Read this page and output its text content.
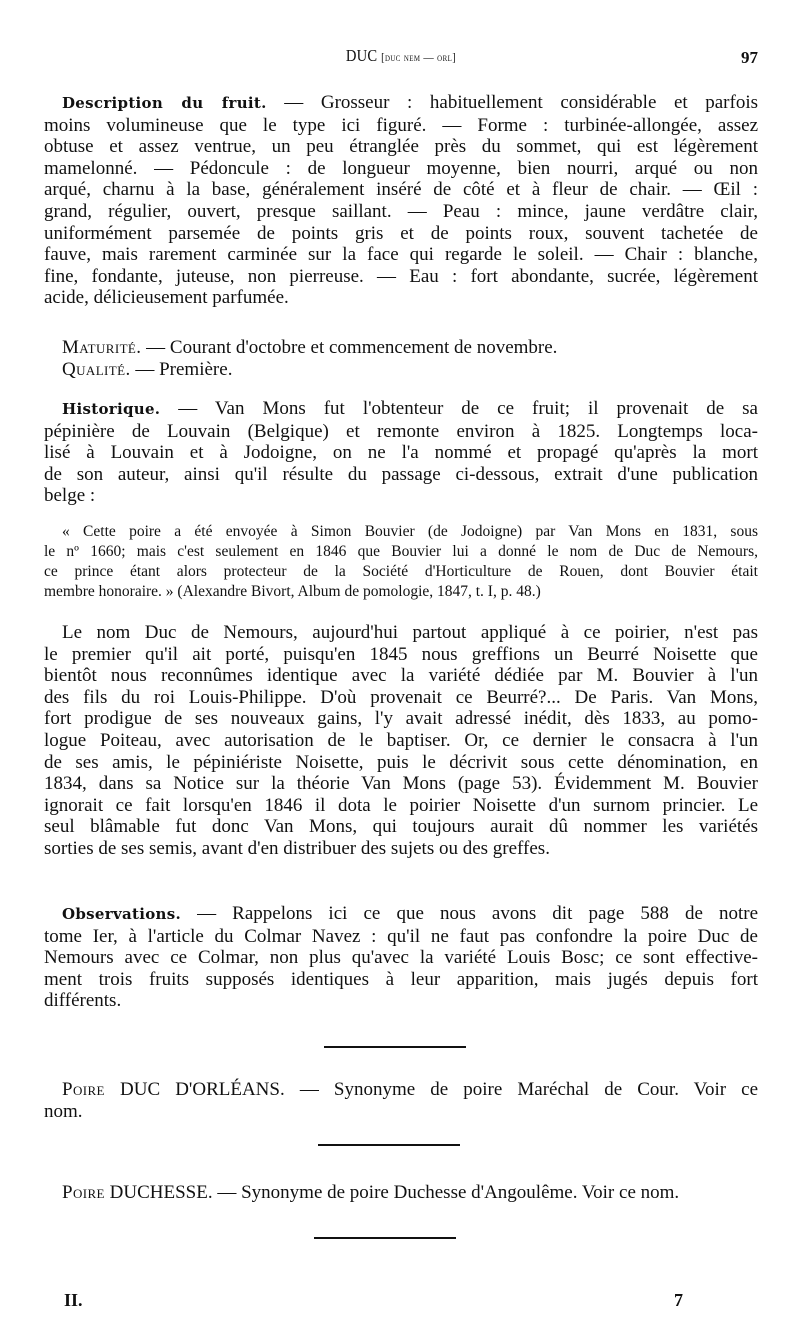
DUC [duc nem — orl]	97
Description du fruit. — Grosseur : habituellement considérable et parfois
moins volumineuse que le type ici figuré. — Forme : turbinée-allongée, assez
obtuse et assez ventrue, un peu étranglée près du sommet, qui est légèrement
mamelonné. — Pédoncule : de longueur moyenne, bien nourri, arqué ou non
arqué, charnu à la base, généralement inséré de côté et à fleur de chair. — Œil :
grand, régulier, ouvert, presque saillant. — Peau : mince, jaune verdâtre clair,
uniformément parsemée de points gris et de points roux, souvent tachetée de
fauve, mais rarement carminée sur la face qui regarde le soleil. — Chair : blanche,
fine, fondante, juteuse, non pierreuse. — Eau : fort abondante, sucrée, légèrement
acide, délicieusement parfumée.
Maturité. — Courant d'octobre et commencement de novembre.
Qualité. — Première.
Historique. — Van Mons fut l'obtenteur de ce fruit; il provenait de sa
pépinière de Louvain (Belgique) et remonte environ à 1825. Longtemps loca-
lisé à Louvain et à Jodoigne, on ne l'a nommé et propagé qu'après la mort
de son auteur, ainsi qu'il résulte du passage ci-dessous, extrait d'une publication
belge :
« Cette poire a été envoyée à Simon Bouvier (de Jodoigne) par Van Mons en 1831, sous
le nº 1660; mais c'est seulement en 1846 que Bouvier lui a donné le nom de Duc de Nemours,
ce prince étant alors protecteur de la Société d'Horticulture de Rouen, dont Bouvier était
membre honoraire. » (Alexandre Bivort, Album de pomologie, 1847, t. I, p. 48.)
Le nom Duc de Nemours, aujourd'hui partout appliqué à ce poirier, n'est pas
le premier qu'il ait porté, puisqu'en 1845 nous greffions un Beurré Noisette que
bientôt nous reconnûmes identique avec la variété dédiée par M. Bouvier à l'un
des fils du roi Louis-Philippe. D'où provenait ce Beurré?... De Paris. Van Mons,
fort prodigue de ses nouveaux gains, l'y avait adressé inédit, dès 1833, au pomo-
logue Poiteau, avec autorisation de le baptiser. Or, ce dernier le consacra à l'un
de ses amis, le pépiniériste Noisette, puis le décrivit sous cette dénomination, en
1834, dans sa Notice sur la théorie Van Mons (page 53). Évidemment M. Bouvier
ignorait ce fait lorsqu'en 1846 il dota le poirier Noisette d'un surnom princier. Le
seul blâmable fut donc Van Mons, qui toujours aurait dû nommer les variétés
sorties de ses semis, avant d'en distribuer des sujets ou des greffes.
Observations. — Rappelons ici ce que nous avons dit page 588 de notre
tome Ier, à l'article du Colmar Navez : qu'il ne faut pas confondre la poire Duc de
Nemours avec ce Colmar, non plus qu'avec la variété Louis Bosc; ce sont effective-
ment trois fruits supposés identiques à leur apparition, mais jugés depuis fort
différents.
Poire DUC D'ORLÉANS. — Synonyme de poire Maréchal de Cour. Voir ce
nom.
Poire DUCHESSE. — Synonyme de poire Duchesse d'Angoulême. Voir ce nom.
II.	7
